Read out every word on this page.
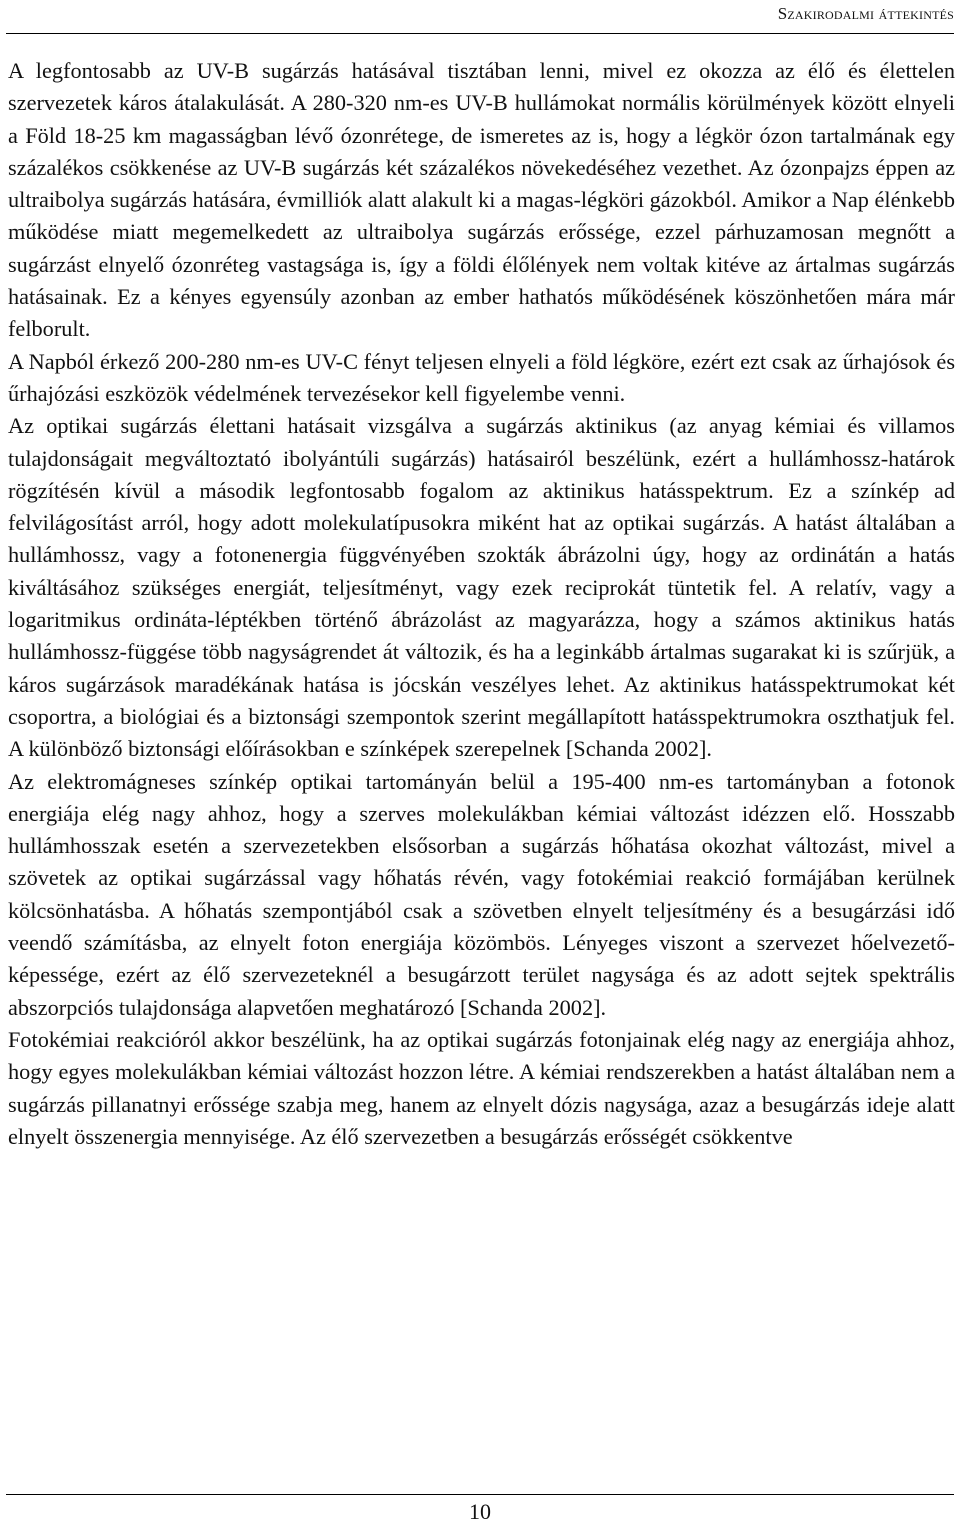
Szakirodalmi áttekintés

A legfontosabb az UV-B sugárzás hatásával tisztában lenni, mivel ez okozza az élő és élettelen szervezetek káros átalakulását. A 280-320 nm-es UV-B hullámokat normális körülmények között elnyeli a Föld 18-25 km magasságban lévő ózonrétege, de ismeretes az is, hogy a légkör ózon tartalmának egy százalékos csökkenése az UV-B sugárzás két százalékos növekedéséhez vezethet. Az ózonpajzs éppen az ultraibolya sugárzás hatására, évmilliók alatt alakult ki a magas-légköri gázokból. Amikor a Nap élénkebb működése miatt megemelkedett az ultraibolya sugárzás erőssége, ezzel párhuzamosan megnőtt a sugárzást elnyelő ózonréteg vastagsága is, így a földi élőlények nem voltak kitéve az ártalmas sugárzás hatásainak. Ez a kényes egyensúly azonban az ember hathatós működésének köszönhetően mára már felborult.

A Napból érkező 200-280 nm-es UV-C fényt teljesen elnyeli a föld légköre, ezért ezt csak az űrhajósok és űrhajózási eszközök védelmének tervezésekor kell figyelembe venni.

Az optikai sugárzás élettani hatásait vizsgálva a sugárzás aktinikus (az anyag kémiai és villamos tulajdonságait megváltoztató ibolyántúli sugárzás) hatásairól beszélünk, ezért a hullámhossz-határok rögzítésén kívül a második legfontosabb fogalom az aktinikus hatásspektrum. Ez a színkép ad felvilágosítást arról, hogy adott molekulatípusokra miként hat az optikai sugárzás. A hatást általában a hullámhossz, vagy a fotonenergia függvényében szokták ábrázolni úgy, hogy az ordinátán a hatás kiváltásához szükséges energiát, teljesítményt, vagy ezek reciprokát tüntetik fel. A relatív, vagy a logaritmikus ordináta-léptékben történő ábrázolást az magyarázza, hogy a számos aktinikus hatás hullámhossz-függése több nagyságrendet át változik, és ha a leginkább ártalmas sugarakat ki is szűrjük, a káros sugárzások maradékának hatása is jócskán veszélyes lehet. Az aktinikus hatásspektrumokat két csoportra, a biológiai és a biztonsági szempontok szerint megállapított hatásspektrumokra oszthatjuk fel. A különböző biztonsági előírásokban e színképek szerepelnek [Schanda 2002].

Az elektromágneses színkép optikai tartományán belül a 195-400 nm-es tartományban a fotonok energiája elég nagy ahhoz, hogy a szerves molekulákban kémiai változást idézzen elő. Hosszabb hullámhosszak esetén a szervezetekben elsősorban a sugárzás hőhatása okozhat változást, mivel a szövetek az optikai sugárzással vagy hőhatás révén, vagy fotokémiai reakció formájában kerülnek kölcsönhatásba. A hőhatás szempontjából csak a szövetben elnyelt teljesítmény és a besugárzási idő veendő számításba, az elnyelt foton energiája közömbös. Lényeges viszont a szervezet hőelvezető-képessége, ezért az élő szervezeteknél a besugárzott terület nagysága és az adott sejtek spektrális abszorpciós tulajdonsága alapvetően meghatározó [Schanda 2002].

Fotokémiai reakcióról akkor beszélünk, ha az optikai sugárzás fotonjainak elég nagy az energiája ahhoz, hogy egyes molekulákban kémiai változást hozzon létre. A kémiai rendszerekben a hatást általában nem a sugárzás pillanatnyi erőssége szabja meg, hanem az elnyelt dózis nagysága, azaz a besugárzás ideje alatt elnyelt összenergia mennyisége. Az élő szervezetben a besugárzás erősségét csökkentve

10
